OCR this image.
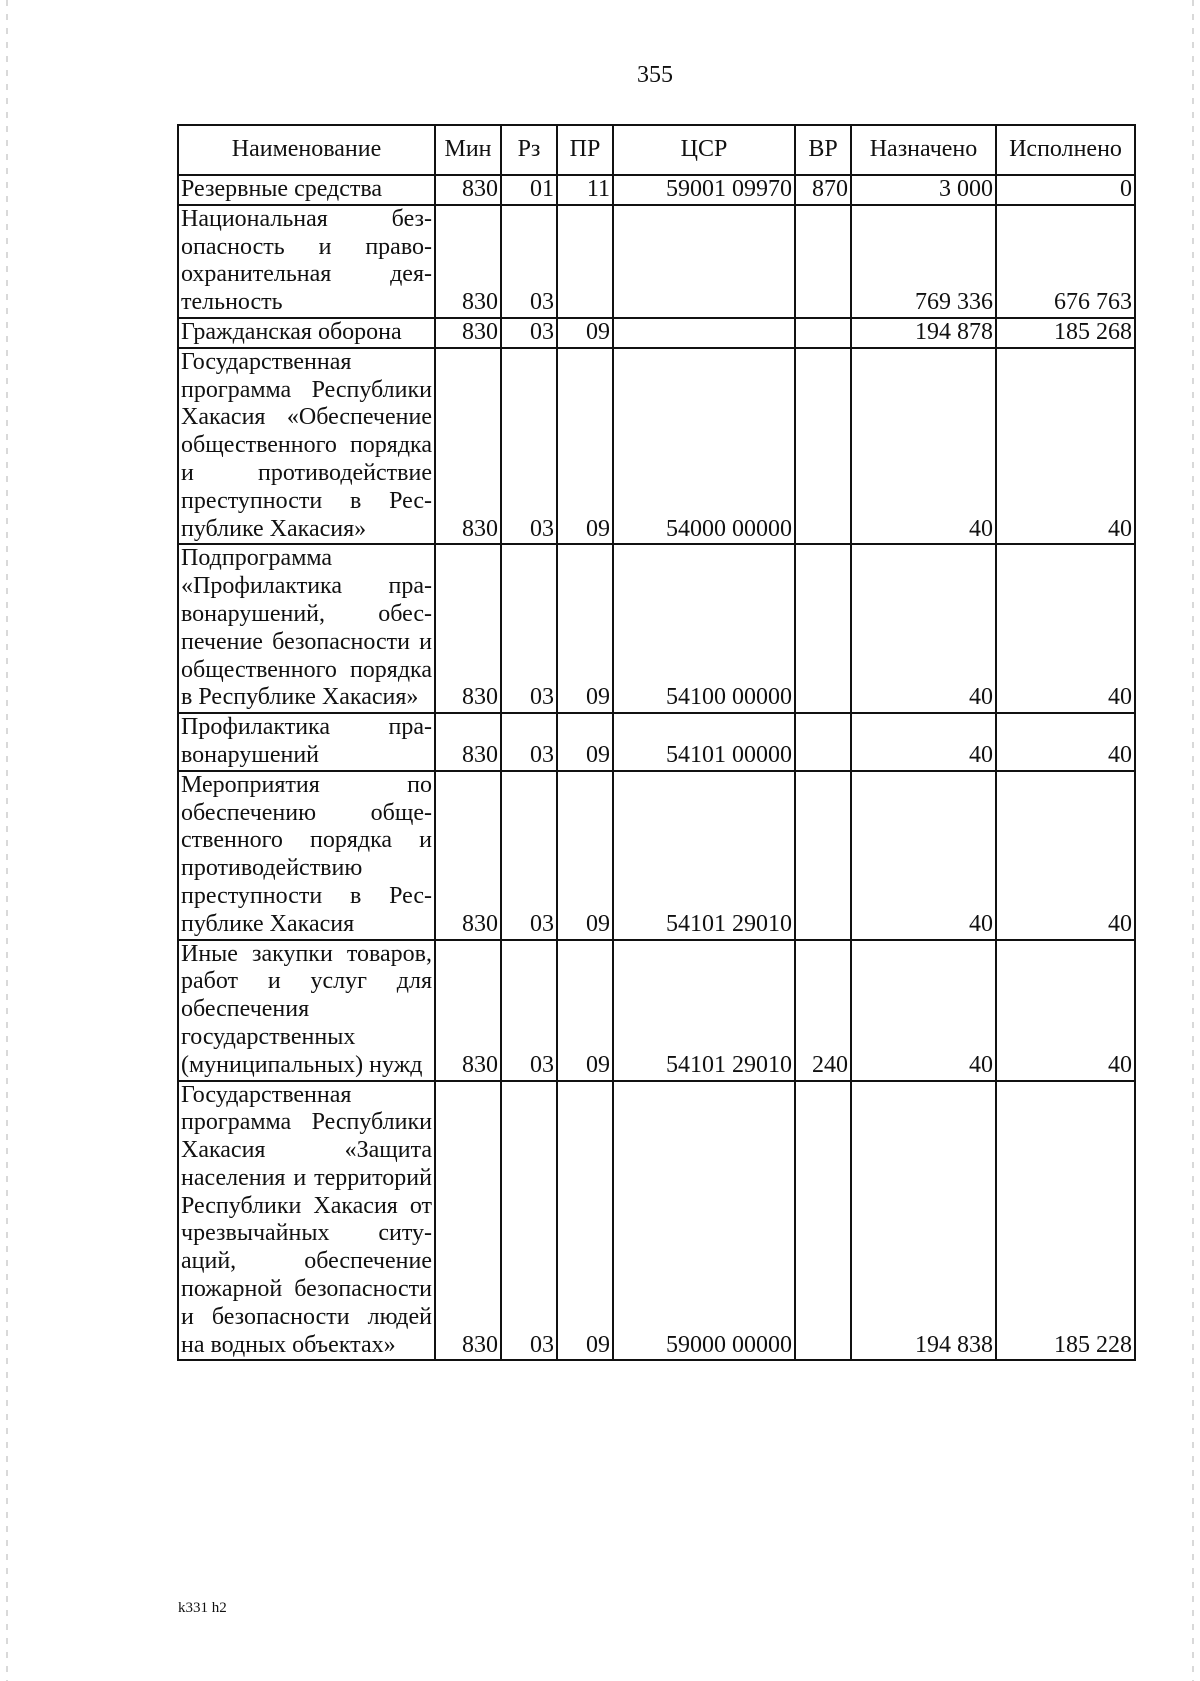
355
Наименование	Мин	Рз	ПР	ЦСР	ВР	Назначено	Исполнено
Резервные средства	830	01	11	59001 09970	870	3 000	0
Национальная безопасность и правоохранительная деятельность	830	03				769 336	676 763
Гражданская оборона	830	03	09			194 878	185 268
Государственная программа Республики Хакасия «Обеспечение общественного порядка и противодействие преступности в Республике Хакасия»	830	03	09	54000 00000		40	40
Подпрограмма «Профилактика правонарушений, обеспечение безопасности и общественного порядка в Республике Хакасия»	830	03	09	54100 00000		40	40
Профилактика правонарушений	830	03	09	54101 00000		40	40
Мероприятия по обеспечению общественного порядка и противодействию преступности в Республике Хакасия	830	03	09	54101 29010		40	40
Иные закупки товаров, работ и услуг для обеспечения государственных (муниципальных) нужд	830	03	09	54101 29010	240	40	40
Государственная программа Республики Хакасия «Защита населения и территорий Республики Хакасия от чрезвычайных ситуаций, обеспечение пожарной безопасности и безопасности людей на водных объектах»	830	03	09	59000 00000		194 838	185 228
k331 h2
